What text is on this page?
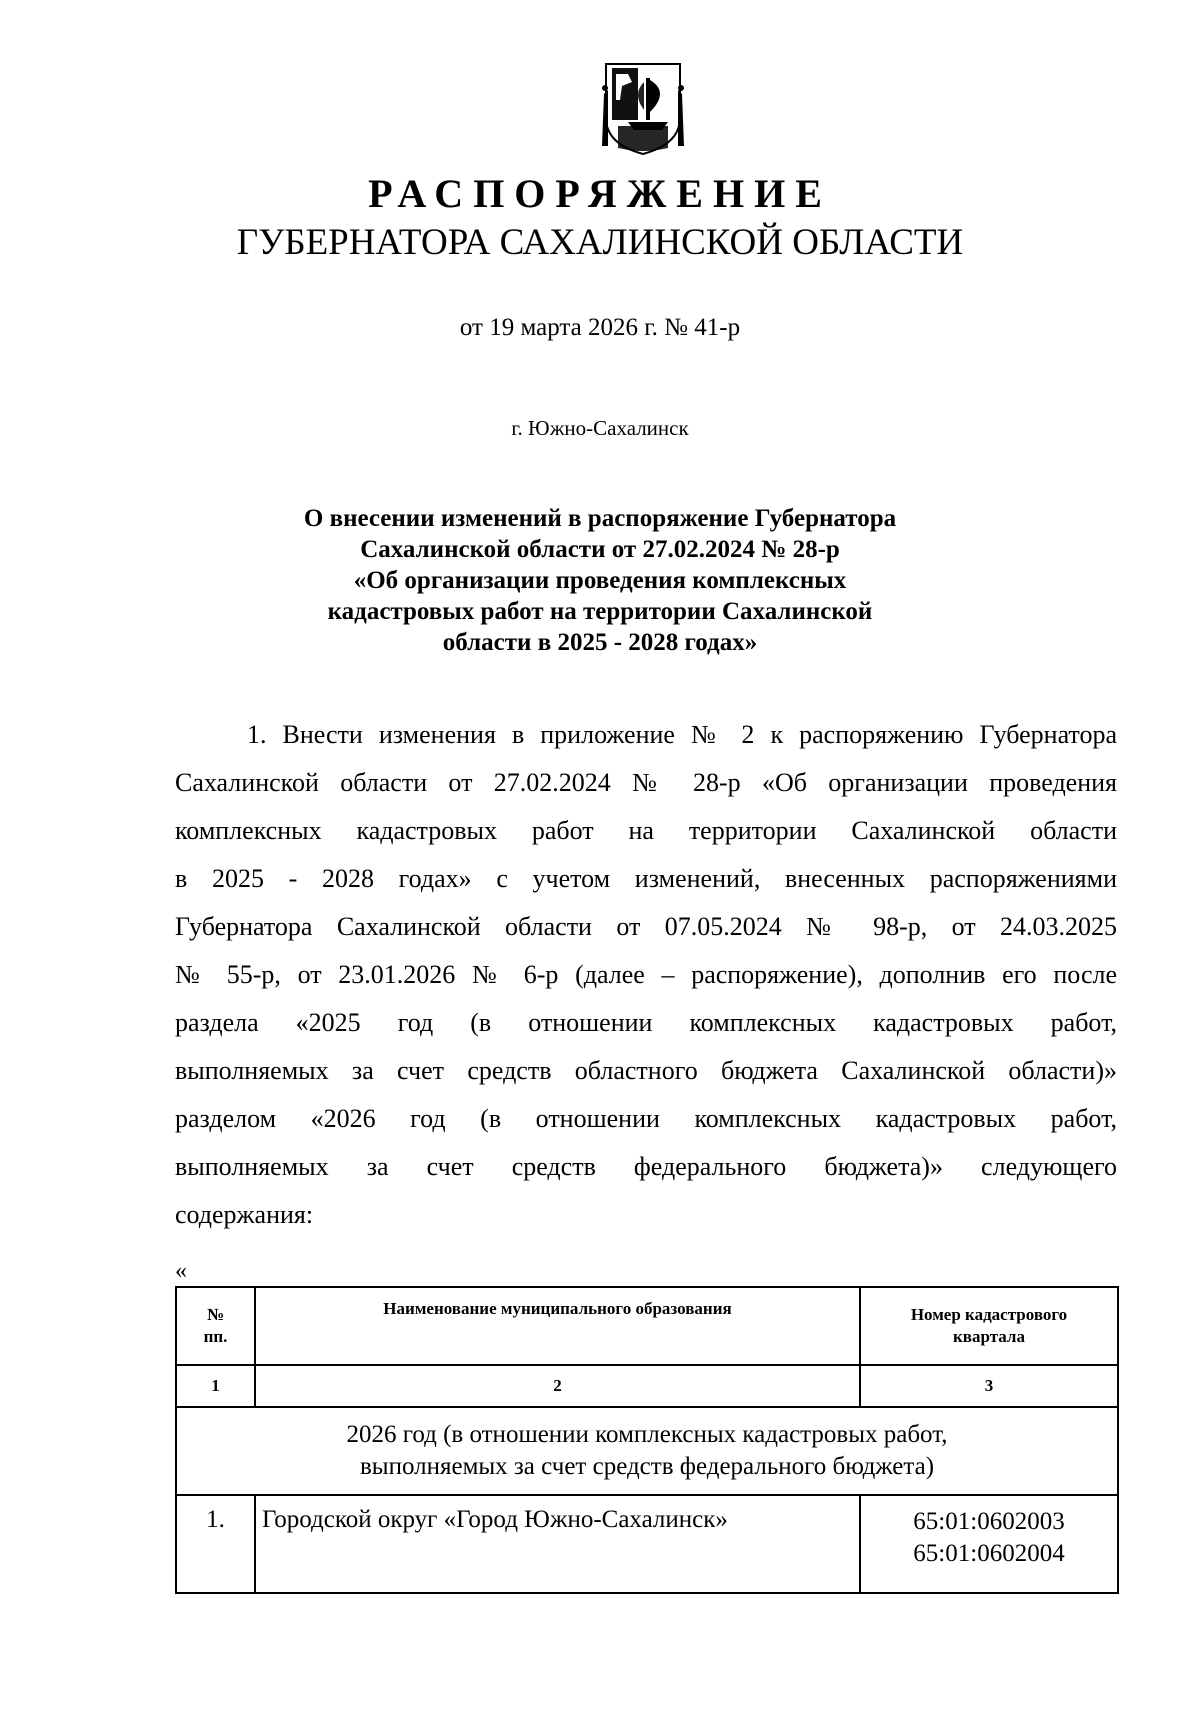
РАСПОРЯЖЕНИЕ
ГУБЕРНАТОРА САХАЛИНСКОЙ ОБЛАСТИ
от 19 марта 2026 г. № 41-р
г. Южно-Сахалинск
О внесении изменений в распоряжение Губернатора
Сахалинской области от 27.02.2024 № 28-р
«Об организации проведения комплексных
кадастровых работ на территории Сахалинской
области в 2025 - 2028 годах»
1. Внести изменения в приложение № 2 к распоряжению Губернатора
Сахалинской области от 27.02.2024 № 28-р «Об организации проведения
комплексных кадастровых работ на территории Сахалинской области
в 2025 - 2028 годах» с учетом изменений, внесенных распоряжениями
Губернатора Сахалинской области от 07.05.2024 № 98-р, от 24.03.2025
№ 55-р, от 23.01.2026 № 6-р (далее – распоряжение), дополнив его после
раздела «2025 год (в отношении комплексных кадастровых работ,
выполняемых за счет средств областного бюджета Сахалинской области)»
разделом «2026 год (в отношении комплексных кадастровых работ,
выполняемых за счет средств федерального бюджета)» следующего
содержания:
«
№
пп.	Наименование муниципального образования	Номер кадастрового
квартала

1	2	3

2026 год (в отношении комплексных кадастровых работ,
выполняемых за счет средств федерального бюджета)		

1.	Городской округ «Город Южно-Сахалинск»	65:01:0602003
65:01:0602004
